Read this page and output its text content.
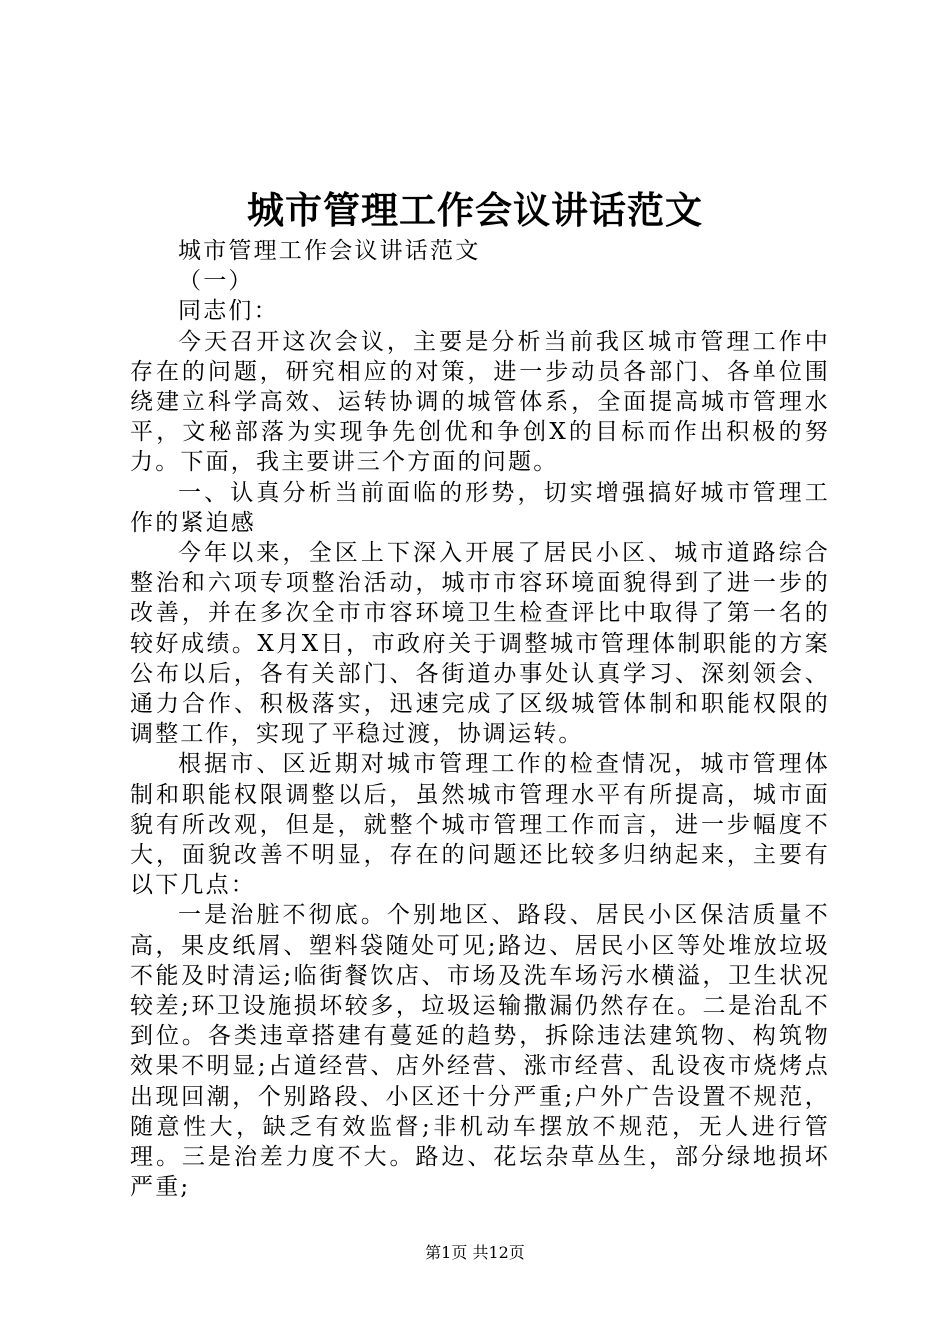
城市管理工作会议讲话范文

城市管理工作会议讲话范文

（一）

同志们：

今天召开这次会议，主要是分析当前我区城市管理工作中存在的问题，研究相应的对策，进一步动员各部门、各单位围绕建立科学高效、运转协调的城管体系，全面提高城市管理水平，文秘部落为实现争先创优和争创X的目标而作出积极的努力。下面，我主要讲三个方面的问题。

一、认真分析当前面临的形势，切实增强搞好城市管理工作的紧迫感

今年以来，全区上下深入开展了居民小区、城市道路综合整治和六项专项整治活动，城市市容环境面貌得到了进一步的改善，并在多次全市市容环境卫生检查评比中取得了第一名的较好成绩。X月X日，市政府关于调整城市管理体制职能的方案公布以后，各有关部门、各街道办事处认真学习、深刻领会、通力合作、积极落实，迅速完成了区级城管体制和职能权限的调整工作，实现了平稳过渡，协调运转。

根据市、区近期对城市管理工作的检查情况，城市管理体制和职能权限调整以后，虽然城市管理水平有所提高，城市面貌有所改观，但是，就整个城市管理工作而言，进一步幅度不大，面貌改善不明显，存在的问题还比较多归纳起来，主要有以下几点：

一是治脏不彻底。个别地区、路段、居民小区保洁质量不高，果皮纸屑、塑料袋随处可见;路边、居民小区等处堆放垃圾不能及时清运;临街餐饮店、市场及洗车场污水横溢，卫生状况较差;环卫设施损坏较多，垃圾运输撒漏仍然存在。二是治乱不到位。各类违章搭建有蔓延的趋势，拆除违法建筑物、构筑物效果不明显;占道经营、店外经营、涨市经营、乱设夜市烧烤点出现回潮，个别路段、小区还十分严重;户外广告设置不规范，随意性大，缺乏有效监督;非机动车摆放不规范，无人进行管理。三是治差力度不大。路边、花坛杂草丛生，部分绿地损坏严重;

第1页 共12页
